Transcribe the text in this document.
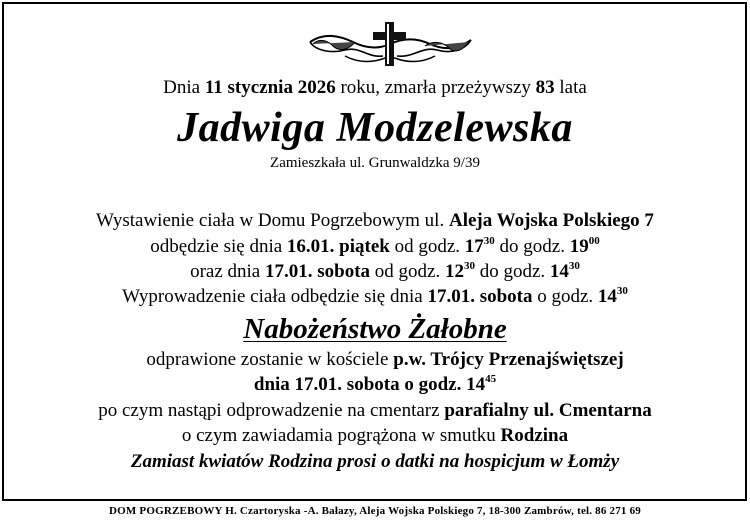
Dnia 11 stycznia 2026 roku, zmarła przeżywszy 83 lata
Jadwiga Modzelewska
Zamieszkała ul. Grunwaldzka 9/39
Wystawienie ciała w Domu Pogrzebowym ul. Aleja Wojska Polskiego 7
odbędzie się dnia 16.01. piątek od godz. $17^{30}$ do godz. $19^{00}$
oraz dnia 17.01. sobota od godz. $12^{30}$ do godz. $14^{30}$
Wyprowadzenie ciała odbędzie się dnia 17.01. sobota o godz. $14^{30}$
Nabożeństwo Żałobne
odprawione zostanie w kościele p.w. Trójcy Przenajświętszej
dnia 17.01. sobota o godz. $14^{45}$
po czym nastąpi odprowadzenie na cmentarz parafialny ul. Cmentarna
o czym zawiadamia pogrążona w smutku Rodzina
Zamiast kwiatów Rodzina prosi o datki na hospicjum w Łomży
DOM POGRZEBOWY H. Czartoryska -A. Bałazy, Aleja Wojska Polskiego 7, 18-300 Zambrów, tel. 86 271 69
